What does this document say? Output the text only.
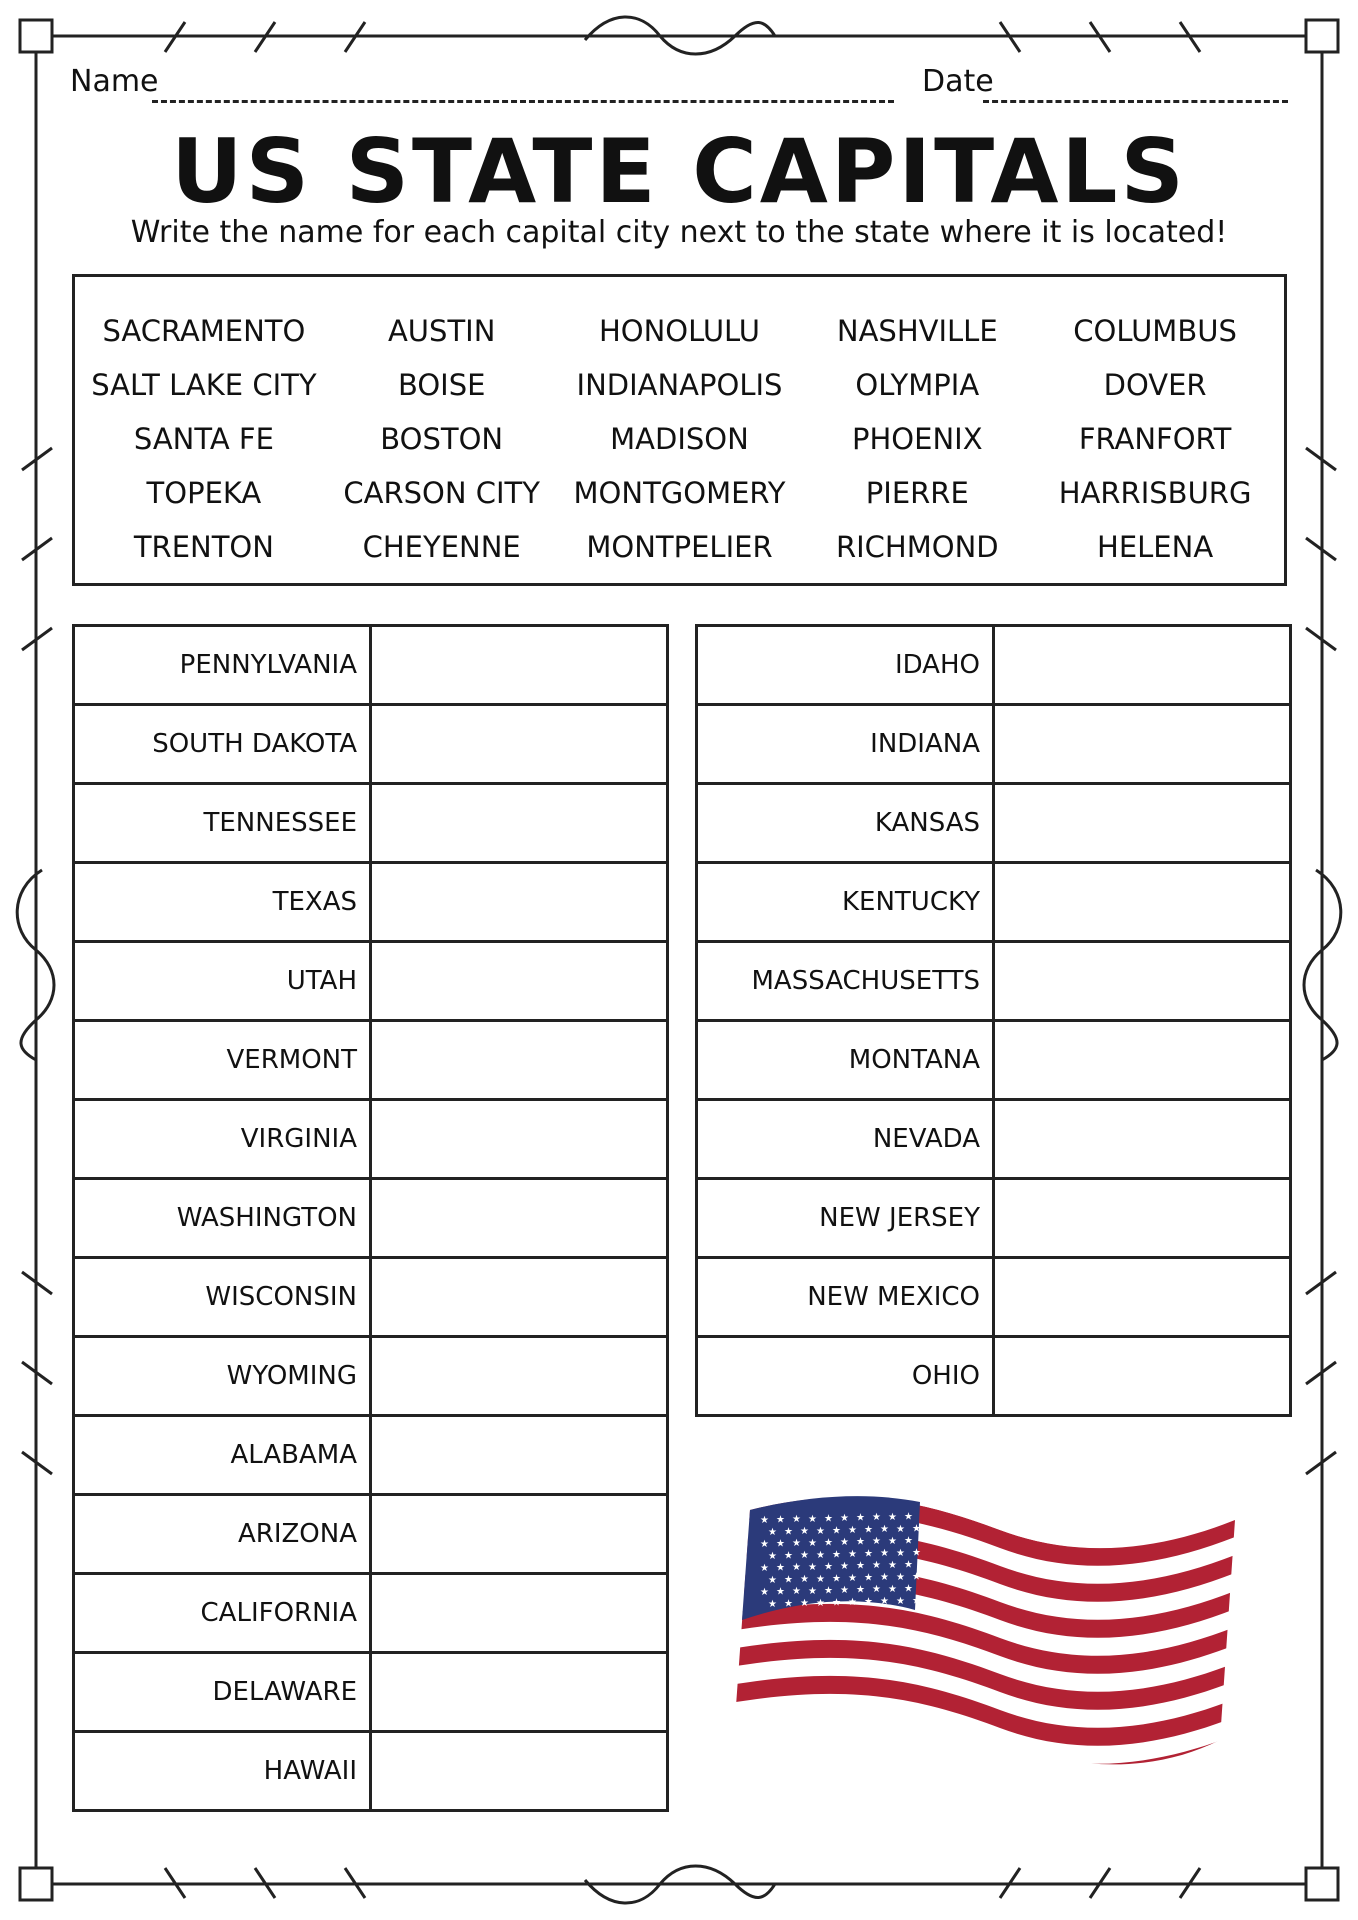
Name	Date
US STATE CAPITALS
Write the name for each capital city next to the state where it is located!
SACRAMENTO	AUSTIN	HONOLULU	NASHVILLE	COLUMBUS
SALT LAKE CITY	BOISE	INDIANAPOLIS	OLYMPIA	DOVER
SANTA FE	BOSTON	MADISON	PHOENIX	FRANFORT
TOPEKA	CARSON CITY	MONTGOMERY	PIERRE	HARRISBURG
TRENTON	CHEYENNE	MONTPELIER	RICHMOND	HELENA
PENNYLVANIA	
SOUTH DAKOTA	
TENNESSEE	
TEXAS	
UTAH	
VERMONT	
VIRGINIA	
WASHINGTON	
WISCONSIN	
WYOMING	
ALABAMA	
ARIZONA	
CALIFORNIA	
DELAWARE	
HAWAII	
IDAHO	
INDIANA	
KANSAS	
KENTUCKY	
MASSACHUSETTS	
MONTANA	
NEVADA	
NEW JERSEY	
NEW MEXICO	
OHIO	
★ ★ ★ ★ ★ ★ ★ ★ ★ ★
★ ★ ★ ★ ★ ★ ★ ★ ★ ★
★ ★ ★ ★ ★ ★ ★ ★ ★ ★
★ ★ ★ ★ ★ ★ ★ ★ ★ ★
★ ★ ★ ★ ★ ★ ★ ★ ★ ★
★ ★ ★ ★ ★ ★ ★ ★ ★ ★
★ ★ ★ ★ ★ ★ ★ ★ ★ ★
★ ★ ★ ★ ★ ★ ★ ★ ★ ★
